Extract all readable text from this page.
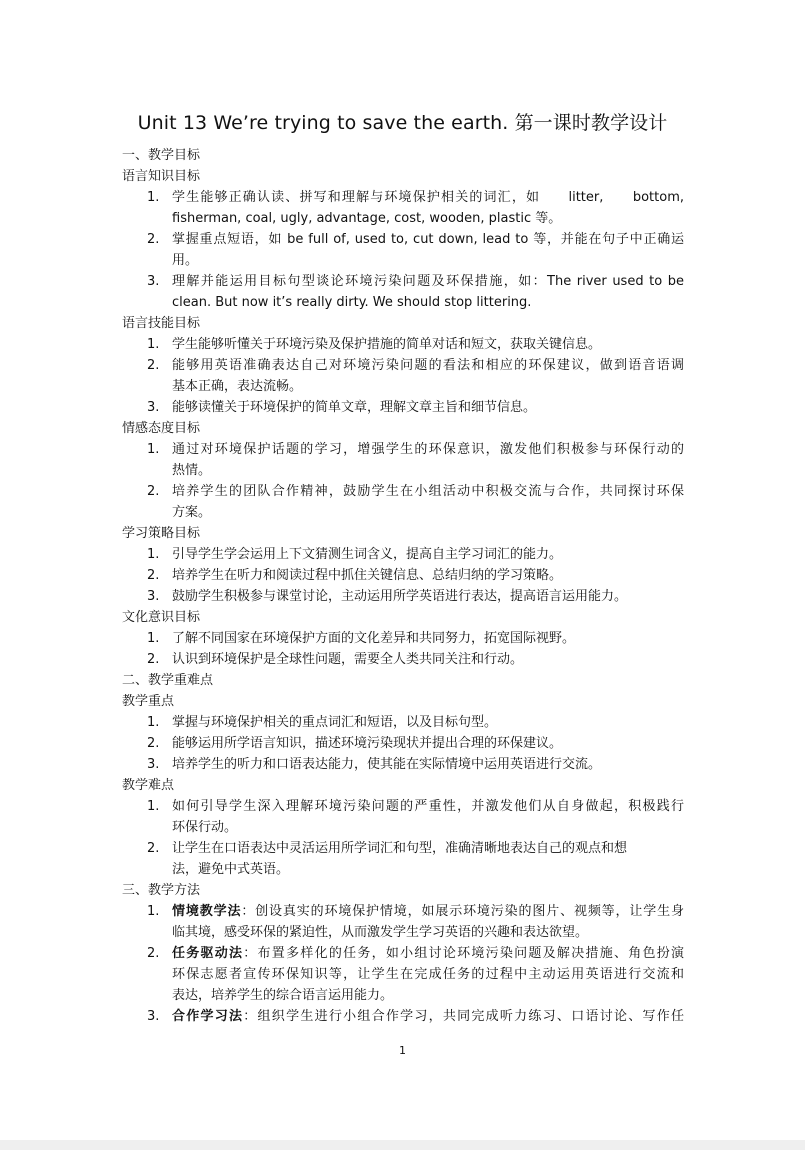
Unit 13 We’re trying to save the earth. 第一课时教学设计
一、教学目标
语言知识目标
1. 学生能够正确认读、拼写和理解与环境保护相关的词汇，如　　litter,　　bottom,
fisherman, coal, ugly, advantage, cost, wooden, plastic 等。
2. 掌握重点短语，如 be full of, used to, cut down, lead to 等，并能在句子中正确运
用。
3. 理解并能运用目标句型谈论环境污染问题及环保措施，如：The river used to be
clean. But now it’s really dirty. We should stop littering.
语言技能目标
1. 学生能够听懂关于环境污染及保护措施的简单对话和短文，获取关键信息。
2. 能够用英语准确表达自己对环境污染问题的看法和相应的环保建议，做到语音语调
基本正确，表达流畅。
3. 能够读懂关于环境保护的简单文章，理解文章主旨和细节信息。
情感态度目标
1. 通过对环境保护话题的学习，增强学生的环保意识，激发他们积极参与环保行动的
热情。
2. 培养学生的团队合作精神，鼓励学生在小组活动中积极交流与合作，共同探讨环保
方案。
学习策略目标
1. 引导学生学会运用上下文猜测生词含义，提高自主学习词汇的能力。
2. 培养学生在听力和阅读过程中抓住关键信息、总结归纳的学习策略。
3. 鼓励学生积极参与课堂讨论，主动运用所学英语进行表达，提高语言运用能力。
文化意识目标
1. 了解不同国家在环境保护方面的文化差异和共同努力，拓宽国际视野。
2. 认识到环境保护是全球性问题，需要全人类共同关注和行动。
二、教学重难点
教学重点
1. 掌握与环境保护相关的重点词汇和短语，以及目标句型。
2. 能够运用所学语言知识，描述环境污染现状并提出合理的环保建议。
3. 培养学生的听力和口语表达能力，使其能在实际情境中运用英语进行交流。
教学难点
1. 如何引导学生深入理解环境污染问题的严重性，并激发他们从自身做起，积极践行
环保行动。
2. 让学生在口语表达中灵活运用所学词汇和句型，准确清晰地表达自己的观点和想
法，避免中式英语。
三、教学方法
1. 情境教学法：创设真实的环境保护情境，如展示环境污染的图片、视频等，让学生身
临其境，感受环保的紧迫性，从而激发学生学习英语的兴趣和表达欲望。
2. 任务驱动法：布置多样化的任务，如小组讨论环境污染问题及解决措施、角色扮演
环保志愿者宣传环保知识等，让学生在完成任务的过程中主动运用英语进行交流和
表达，培养学生的综合语言运用能力。
3. 合作学习法：组织学生进行小组合作学习，共同完成听力练习、口语讨论、写作任
1
